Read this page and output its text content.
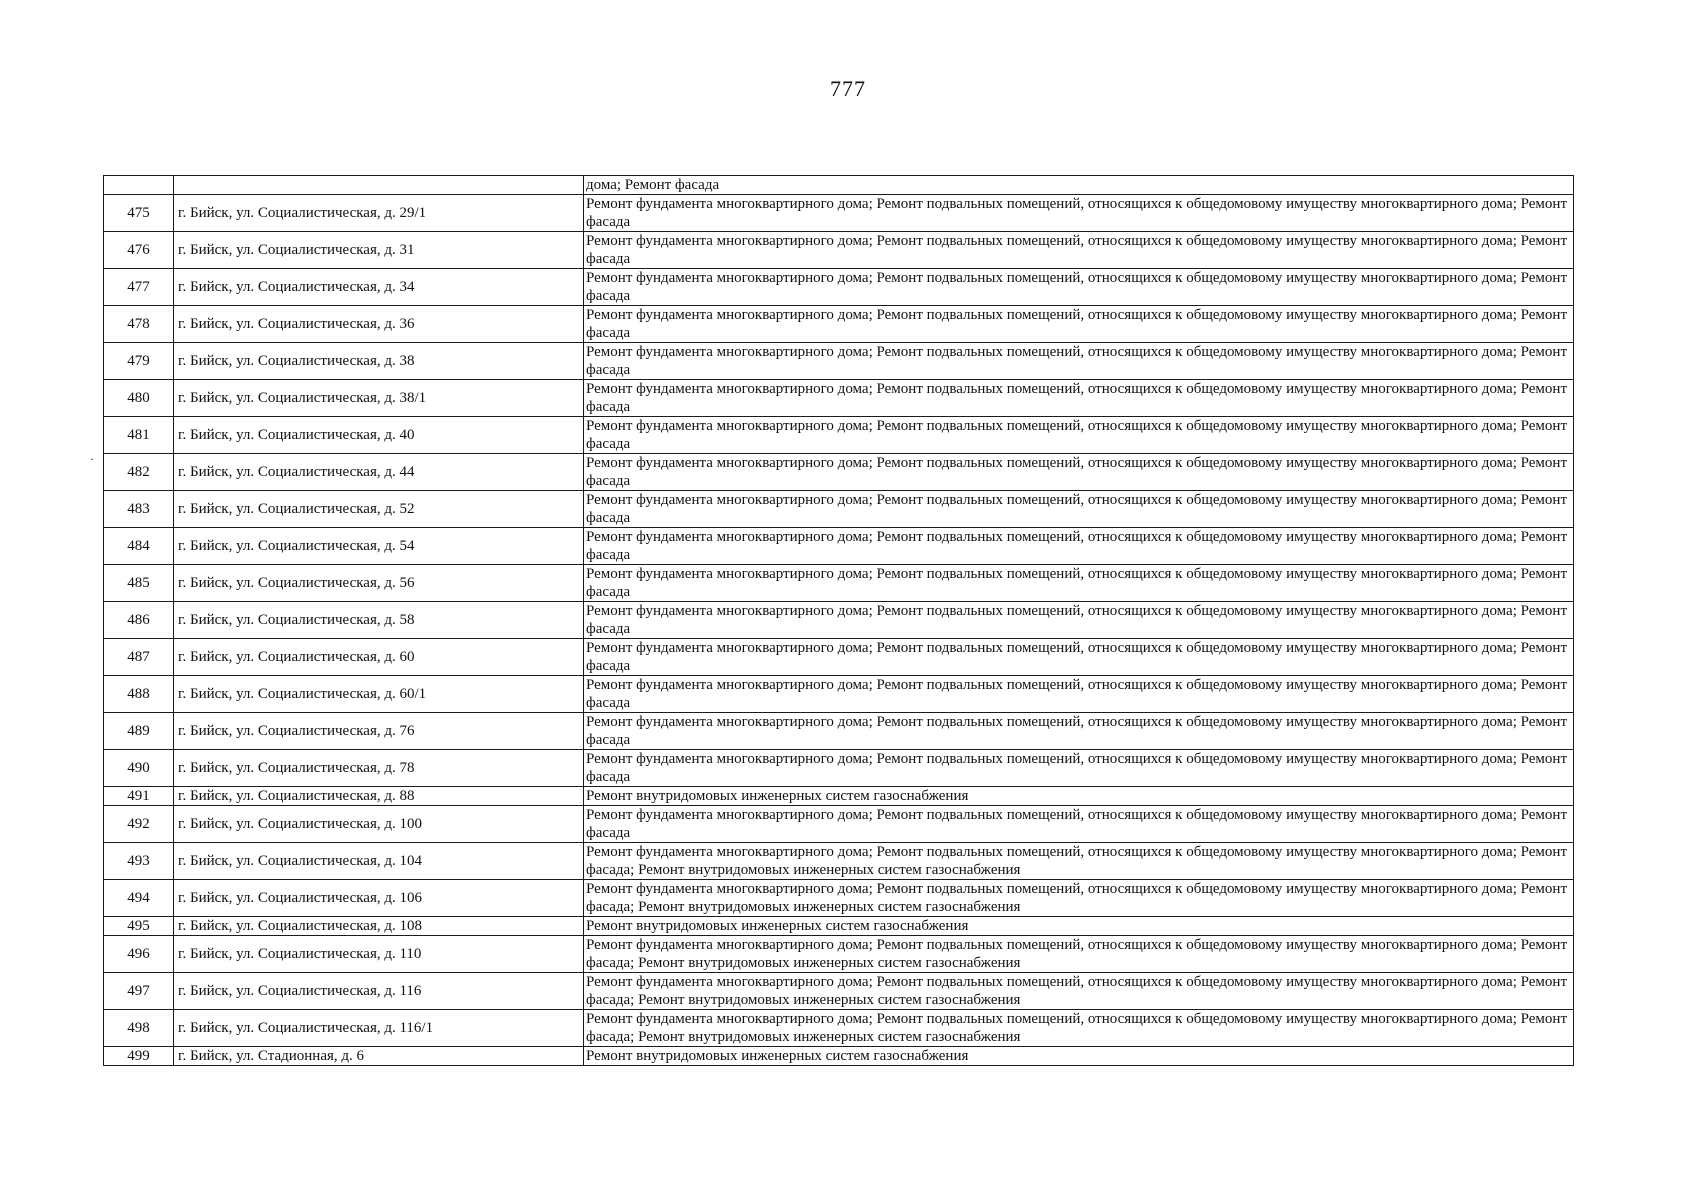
777
·
		дома; Ремонт фасада
475	г. Бийск, ул. Социалистическая, д. 29/1	Ремонт фундамента многоквартирного дома; Ремонт подвальных помещений, относящихся к общедомовому имуществу многоквартирного дома; Ремонт фасада
476	г. Бийск, ул. Социалистическая, д. 31	Ремонт фундамента многоквартирного дома; Ремонт подвальных помещений, относящихся к общедомовому имуществу многоквартирного дома; Ремонт фасада
477	г. Бийск, ул. Социалистическая, д. 34	Ремонт фундамента многоквартирного дома; Ремонт подвальных помещений, относящихся к общедомовому имуществу многоквартирного дома; Ремонт фасада
478	г. Бийск, ул. Социалистическая, д. 36	Ремонт фундамента многоквартирного дома; Ремонт подвальных помещений, относящихся к общедомовому имуществу многоквартирного дома; Ремонт фасада
479	г. Бийск, ул. Социалистическая, д. 38	Ремонт фундамента многоквартирного дома; Ремонт подвальных помещений, относящихся к общедомовому имуществу многоквартирного дома; Ремонт фасада
480	г. Бийск, ул. Социалистическая, д. 38/1	Ремонт фундамента многоквартирного дома; Ремонт подвальных помещений, относящихся к общедомовому имуществу многоквартирного дома; Ремонт фасада
481	г. Бийск, ул. Социалистическая, д. 40	Ремонт фундамента многоквартирного дома; Ремонт подвальных помещений, относящихся к общедомовому имуществу многоквартирного дома; Ремонт фасада
482	г. Бийск, ул. Социалистическая, д. 44	Ремонт фундамента многоквартирного дома; Ремонт подвальных помещений, относящихся к общедомовому имуществу многоквартирного дома; Ремонт фасада
483	г. Бийск, ул. Социалистическая, д. 52	Ремонт фундамента многоквартирного дома; Ремонт подвальных помещений, относящихся к общедомовому имуществу многоквартирного дома; Ремонт фасада
484	г. Бийск, ул. Социалистическая, д. 54	Ремонт фундамента многоквартирного дома; Ремонт подвальных помещений, относящихся к общедомовому имуществу многоквартирного дома; Ремонт фасада
485	г. Бийск, ул. Социалистическая, д. 56	Ремонт фундамента многоквартирного дома; Ремонт подвальных помещений, относящихся к общедомовому имуществу многоквартирного дома; Ремонт фасада
486	г. Бийск, ул. Социалистическая, д. 58	Ремонт фундамента многоквартирного дома; Ремонт подвальных помещений, относящихся к общедомовому имуществу многоквартирного дома; Ремонт фасада
487	г. Бийск, ул. Социалистическая, д. 60	Ремонт фундамента многоквартирного дома; Ремонт подвальных помещений, относящихся к общедомовому имуществу многоквартирного дома; Ремонт фасада
488	г. Бийск, ул. Социалистическая, д. 60/1	Ремонт фундамента многоквартирного дома; Ремонт подвальных помещений, относящихся к общедомовому имуществу многоквартирного дома; Ремонт фасада
489	г. Бийск, ул. Социалистическая, д. 76	Ремонт фундамента многоквартирного дома; Ремонт подвальных помещений, относящихся к общедомовому имуществу многоквартирного дома; Ремонт фасада
490	г. Бийск, ул. Социалистическая, д. 78	Ремонт фундамента многоквартирного дома; Ремонт подвальных помещений, относящихся к общедомовому имуществу многоквартирного дома; Ремонт фасада
491	г. Бийск, ул. Социалистическая, д. 88	Ремонт внутридомовых инженерных систем газоснабжения
492	г. Бийск, ул. Социалистическая, д. 100	Ремонт фундамента многоквартирного дома; Ремонт подвальных помещений, относящихся к общедомовому имуществу многоквартирного дома; Ремонт фасада
493	г. Бийск, ул. Социалистическая, д. 104	Ремонт фундамента многоквартирного дома; Ремонт подвальных помещений, относящихся к общедомовому имуществу многоквартирного дома; Ремонт фасада; Ремонт внутридомовых инженерных систем газоснабжения
494	г. Бийск, ул. Социалистическая, д. 106	Ремонт фундамента многоквартирного дома; Ремонт подвальных помещений, относящихся к общедомовому имуществу многоквартирного дома; Ремонт фасада; Ремонт внутридомовых инженерных систем газоснабжения
495	г. Бийск, ул. Социалистическая, д. 108	Ремонт внутридомовых инженерных систем газоснабжения
496	г. Бийск, ул. Социалистическая, д. 110	Ремонт фундамента многоквартирного дома; Ремонт подвальных помещений, относящихся к общедомовому имуществу многоквартирного дома; Ремонт фасада; Ремонт внутридомовых инженерных систем газоснабжения
497	г. Бийск, ул. Социалистическая, д. 116	Ремонт фундамента многоквартирного дома; Ремонт подвальных помещений, относящихся к общедомовому имуществу многоквартирного дома; Ремонт фасада; Ремонт внутридомовых инженерных систем газоснабжения
498	г. Бийск, ул. Социалистическая, д. 116/1	Ремонт фундамента многоквартирного дома; Ремонт подвальных помещений, относящихся к общедомовому имуществу многоквартирного дома; Ремонт фасада; Ремонт внутридомовых инженерных систем газоснабжения
499	г. Бийск, ул. Стадионная, д. 6	Ремонт внутридомовых инженерных систем газоснабжения
